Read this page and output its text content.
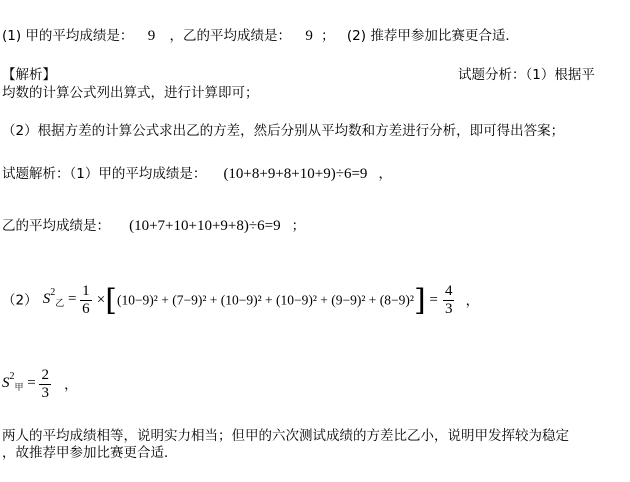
(1) 甲的平均成绩是： 9 ，乙的平均成绩是： 9 ； (2) 推荐甲参加比赛更合适．
【解析】	试题分析：（1）根据平
均数的计算公式列出算式，进行计算即可；
（2）根据方差的计算公式求出乙的方差，然后分别从平均数和方差进行分析，即可得出答案；
试题解析：（1）甲的平均成绩是： (10+8+9+8+10+9)÷6=9 ，
乙的平均成绩是： (10+7+10+10+9+8)÷6=9 ；
（2） $S^2_乙 = \frac{1}{6} \times[(10-9)^2 + (7-9)^2 + (10-9)^2 + (10-9)^2 + (9-9)^2 + (8-9)^2] = \frac{4}{3}$ ，
$S^2_甲 = \frac{2}{3}$ ，
两人的平均成绩相等，说明实力相当；但甲的六次测试成绩的方差比乙小，说明甲发挥较为稳定
，故推荐甲参加比赛更合适．
